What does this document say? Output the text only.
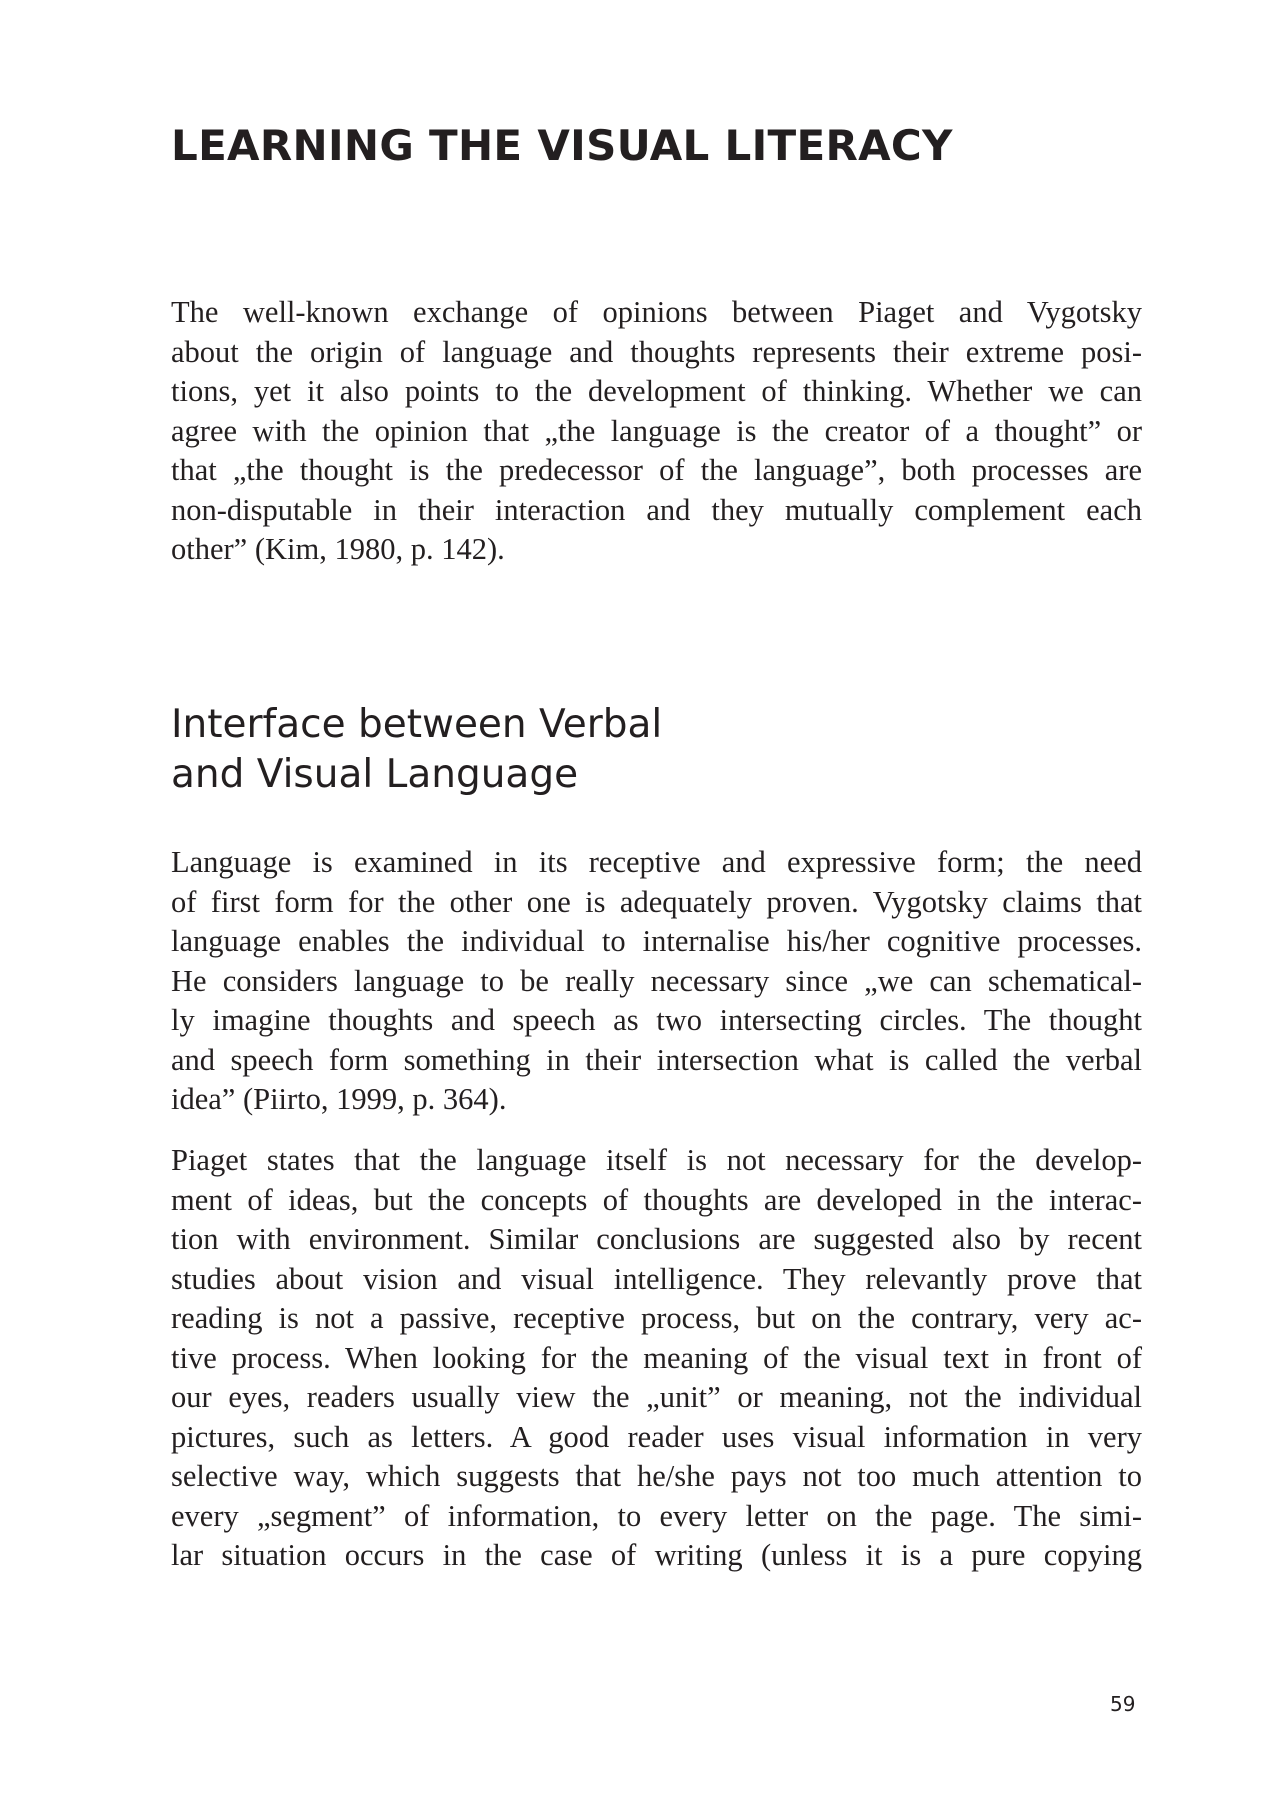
LEARNING THE VISUAL LITERACY

The well-known exchange of opinions between Piaget and Vygotsky
about the origin of language and thoughts represents their extreme posi-
tions, yet it also points to the development of thinking. Whether we can
agree with the opinion that „the language is the creator of a thought” or
that „the thought is the predecessor of the language”, both processes are
non-disputable in their interaction and they mutually complement each
other” (Kim, 1980, p. 142).

Interface between Verbal
and Visual Language

Language is examined in its receptive and expressive form; the need
of first form for the other one is adequately proven. Vygotsky claims that
language enables the individual to internalise his/her cognitive processes.
He considers language to be really necessary since „we can schematical-
ly imagine thoughts and speech as two intersecting circles. The thought
and speech form something in their intersection what is called the verbal
idea” (Piirto, 1999, p. 364).

Piaget states that the language itself is not necessary for the develop-
ment of ideas, but the concepts of thoughts are developed in the interac-
tion with environment. Similar conclusions are suggested also by recent
studies about vision and visual intelligence. They relevantly prove that
reading is not a passive, receptive process, but on the contrary, very ac-
tive process. When looking for the meaning of the visual text in front of
our eyes, readers usually view the „unit” or meaning, not the individual
pictures, such as letters. A good reader uses visual information in very
selective way, which suggests that he/she pays not too much attention to
every „segment” of information, to every letter on the page. The simi-
lar situation occurs in the case of writing (unless it is a pure copying

59
